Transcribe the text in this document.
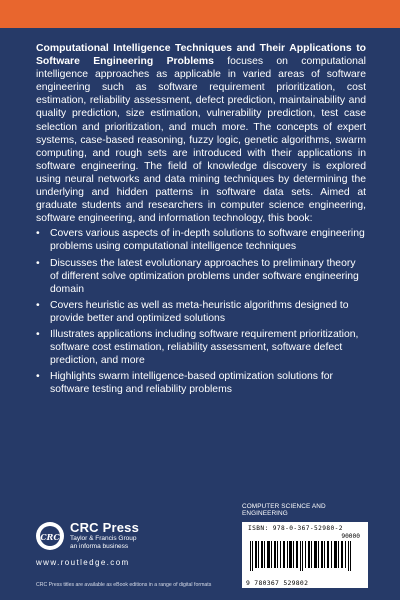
Computational Intelligence Techniques and Their Applications to Software Engineering Problems focuses on computational intelligence approaches as applicable in varied areas of software engineering such as software requirement prioritization, cost estimation, reliability assessment, defect prediction, maintainability and quality prediction, size estimation, vulnerability prediction, test case selection and prioritization, and much more. The concepts of expert systems, case-based reasoning, fuzzy logic, genetic algorithms, swarm computing, and rough sets are introduced with their applications in software engineering. The field of knowledge discovery is explored using neural networks and data mining techniques by determining the underlying and hidden patterns in software data sets. Aimed at graduate students and researchers in computer science engineering, software engineering, and information technology, this book:

• Covers various aspects of in-depth solutions to software engineering problems using computational intelligence techniques
• Discusses the latest evolutionary approaches to preliminary theory of different solve optimization problems under software engineering domain
• Covers heuristic as well as meta-heuristic algorithms designed to provide better and optimized solutions
• Illustrates applications including software requirement prioritization, software cost estimation, reliability assessment, software defect prediction, and more
• Highlights swarm intelligence-based optimization solutions for software testing and reliability problems
CRC
CRC Press
Taylor & Francis Group
an informa business
www.routledge.com
CRC Press titles are available as eBook editions in a range of digital formats
COMPUTER SCIENCE AND ENGINEERING
ISBN: 978-0-367-52980-2
90000
9 780367 529802
